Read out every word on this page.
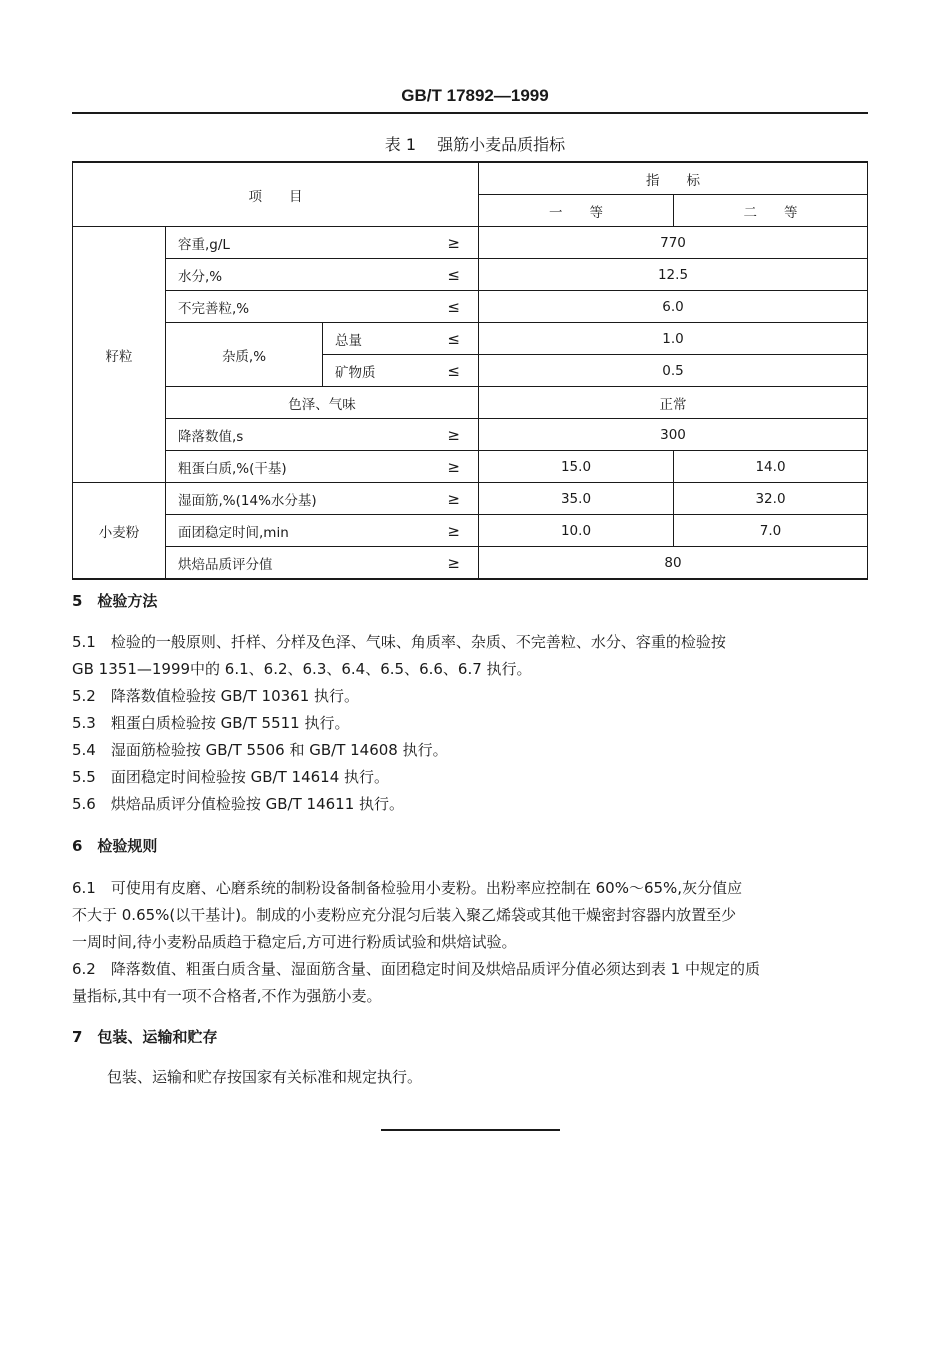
GB/T 17892—1999
表 1 强筋小麦品质指标
项　　目				指　　标	
				一　　等	二　　等
籽粒	容重,g/L		≥	770	
	水分,%		≤	12.5	
	不完善粒,%		≤	6.0	
	杂质,%	总量	≤	1.0	
		矿物质	≤	0.5	
	色泽、气味			正常	
	降落数值,s		≥	300	
	粗蛋白质,%(干基)		≥	15.0	14.0
小麦粉	湿面筋,%(14%水分基)		≥	35.0	32.0
	面团稳定时间,min		≥	10.0	7.0
	烘焙品质评分值		≥	80	
5　检验方法
5.1　检验的一般原则、扦样、分样及色泽、气味、角质率、杂质、不完善粒、水分、容重的检验按
GB 1351—1999中的 6.1、6.2、6.3、6.4、6.5、6.6、6.7 执行。
5.2　降落数值检验按 GB/T 10361 执行。
5.3　粗蛋白质检验按 GB/T 5511 执行。
5.4　湿面筋检验按 GB/T 5506 和 GB/T 14608 执行。
5.5　面团稳定时间检验按 GB/T 14614 执行。
5.6　烘焙品质评分值检验按 GB/T 14611 执行。
6　检验规则
6.1　可使用有皮磨、心磨系统的制粉设备制备检验用小麦粉。出粉率应控制在 60%～65%,灰分值应
不大于 0.65%(以干基计)。制成的小麦粉应充分混匀后装入聚乙烯袋或其他干燥密封容器内放置至少
一周时间,待小麦粉品质趋于稳定后,方可进行粉质试验和烘焙试验。
6.2　降落数值、粗蛋白质含量、湿面筋含量、面团稳定时间及烘焙品质评分值必须达到表 1 中规定的质
量指标,其中有一项不合格者,不作为强筋小麦。
7　包装、运输和贮存
包装、运输和贮存按国家有关标准和规定执行。
